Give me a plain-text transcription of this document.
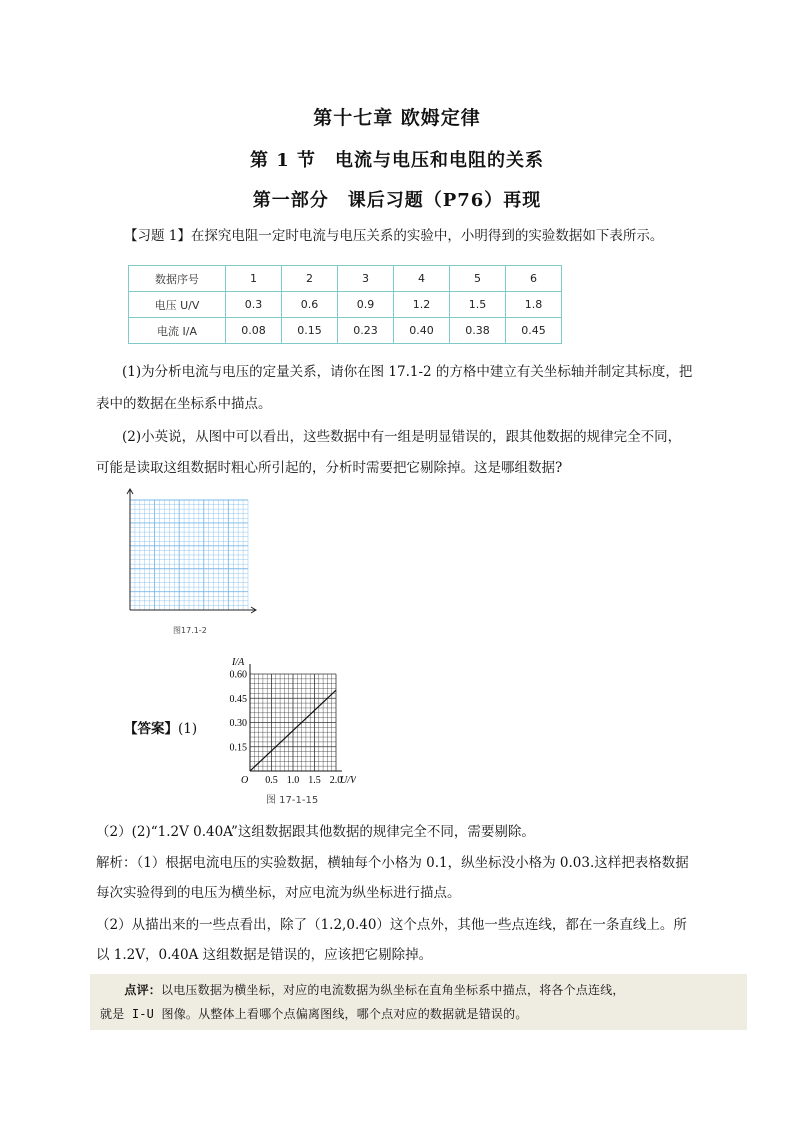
第十七章 欧姆定律
第 1 节　电流与电压和电阻的关系
第一部分　课后习题（P76）再现
【习题 1】在探究电阻一定时电流与电压关系的实验中，小明得到的实验数据如下表所示。
数据序号	1	2	3	4	5	6
电压 U/V	0.3	0.6	0.9	1.2	1.5	1.8
电流 I/A	0.08	0.15	0.23	0.40	0.38	0.45
(1)为分析电流与电压的定量关系，请你在图 17.1-2 的方格中建立有关坐标轴并制定其标度，把
表中的数据在坐标系中描点。
(2)小英说，从图中可以看出，这些数据中有一组是明显错误的，跟其他数据的规律完全不同，
可能是读取这组数据时粗心所引起的，分析时需要把它剔除掉。这是哪组数据?
图17.1-2
【答案】(1)
0.60
0.45
0.30
0.15
0.5 1.0 1.5 2.0
O
I/A
U/V
图 17-1-15
（2）(2)“1.2V 0.40A”这组数据跟其他数据的规律完全不同，需要剔除。
解析：（1）根据电流电压的实验数据，横轴每个小格为 0.1，纵坐标没小格为 0.03.这样把表格数据
每次实验得到的电压为横坐标，对应电流为纵坐标进行描点。
（2）从描出来的一些点看出，除了（1.2,0.40）这个点外，其他一些点连线，都在一条直线上。所
以 1.2V，0.40A 这组数据是错误的，应该把它剔除掉。
　　点评：以电压数据为横坐标，对应的电流数据为纵坐标在直角坐标系中描点，将各个点连线，
就是 I-U 图像。从整体上看哪个点偏离图线，哪个点对应的数据就是错误的。
